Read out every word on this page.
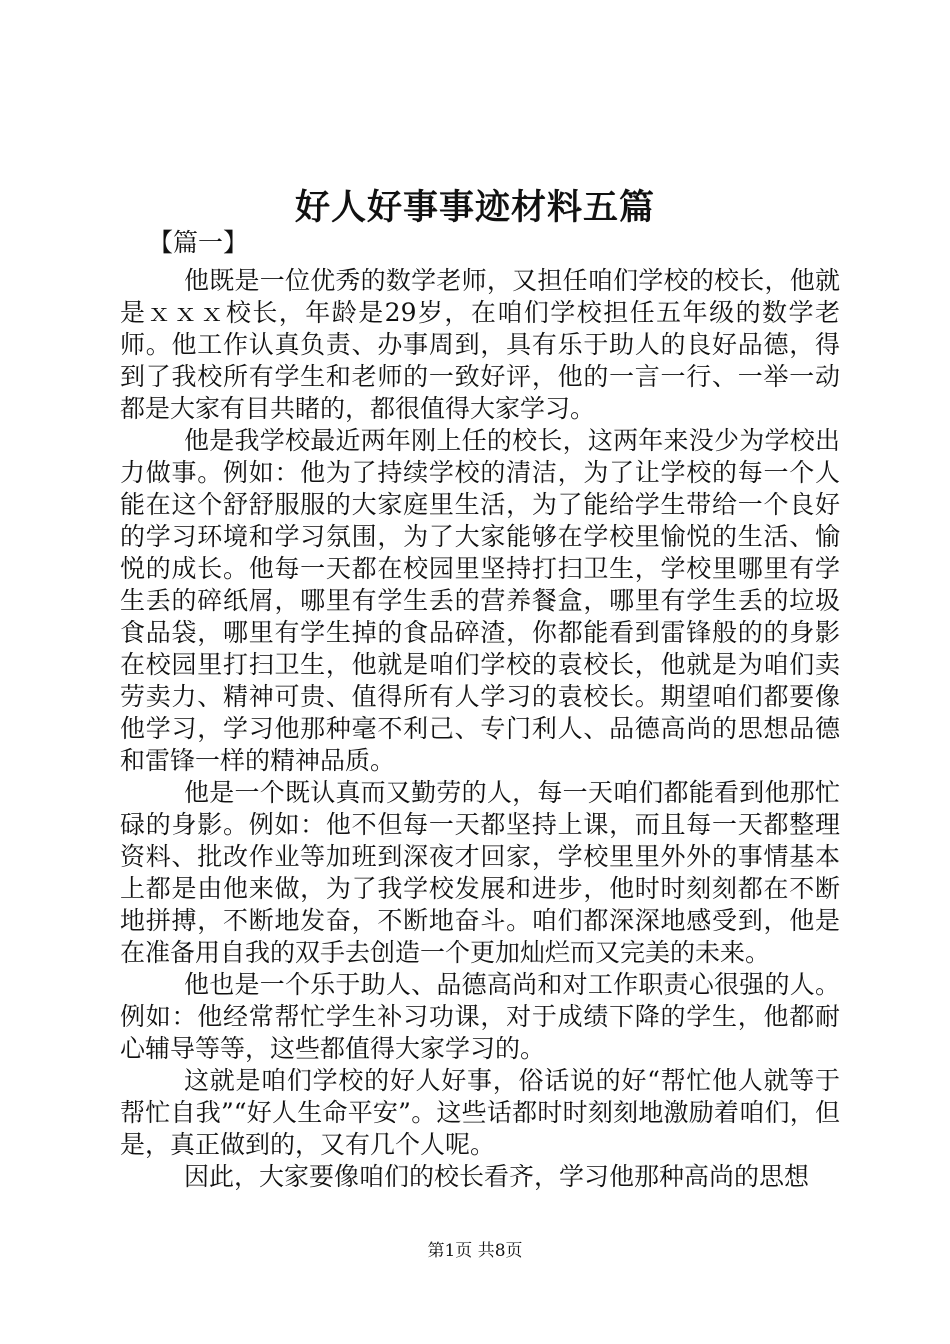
好人好事事迹材料五篇
【篇一】

他既是一位优秀的数学老师，又担任咱们学校的校长，他就是ｘｘｘ校长，年龄是29岁，在咱们学校担任五年级的数学老师。他工作认真负责、办事周到，具有乐于助人的良好品德，得到了我校所有学生和老师的一致好评，他的一言一行、一举一动都是大家有目共睹的，都很值得大家学习。

他是我学校最近两年刚上任的校长，这两年来没少为学校出力做事。例如：他为了持续学校的清洁，为了让学校的每一个人能在这个舒舒服服的大家庭里生活，为了能给学生带给一个良好的学习环境和学习氛围，为了大家能够在学校里愉悦的生活、愉悦的成长。他每一天都在校园里坚持打扫卫生，学校里哪里有学生丢的碎纸屑，哪里有学生丢的营养餐盒，哪里有学生丢的垃圾食品袋，哪里有学生掉的食品碎渣，你都能看到雷锋般的的身影在校园里打扫卫生，他就是咱们学校的袁校长，他就是为咱们卖劳卖力、精神可贵、值得所有人学习的袁校长。期望咱们都要像他学习，学习他那种毫不利己、专门利人、品德高尚的思想品德和雷锋一样的精神品质。

他是一个既认真而又勤劳的人，每一天咱们都能看到他那忙碌的身影。例如：他不但每一天都坚持上课，而且每一天都整理资料、批改作业等加班到深夜才回家，学校里里外外的事情基本上都是由他来做，为了我学校发展和进步，他时时刻刻都在不断地拼搏，不断地发奋，不断地奋斗。咱们都深深地感受到，他是在准备用自我的双手去创造一个更加灿烂而又完美的未来。

他也是一个乐于助人、品德高尚和对工作职责心很强的人。例如：他经常帮忙学生补习功课，对于成绩下降的学生，他都耐心辅导等等，这些都值得大家学习的。

这就是咱们学校的好人好事，俗话说的好“帮忙他人就等于帮忙自我”“好人生命平安”。这些话都时时刻刻地激励着咱们，但是，真正做到的，又有几个人呢。

因此，大家要像咱们的校长看齐，学习他那种高尚的思想

第1页 共8页
